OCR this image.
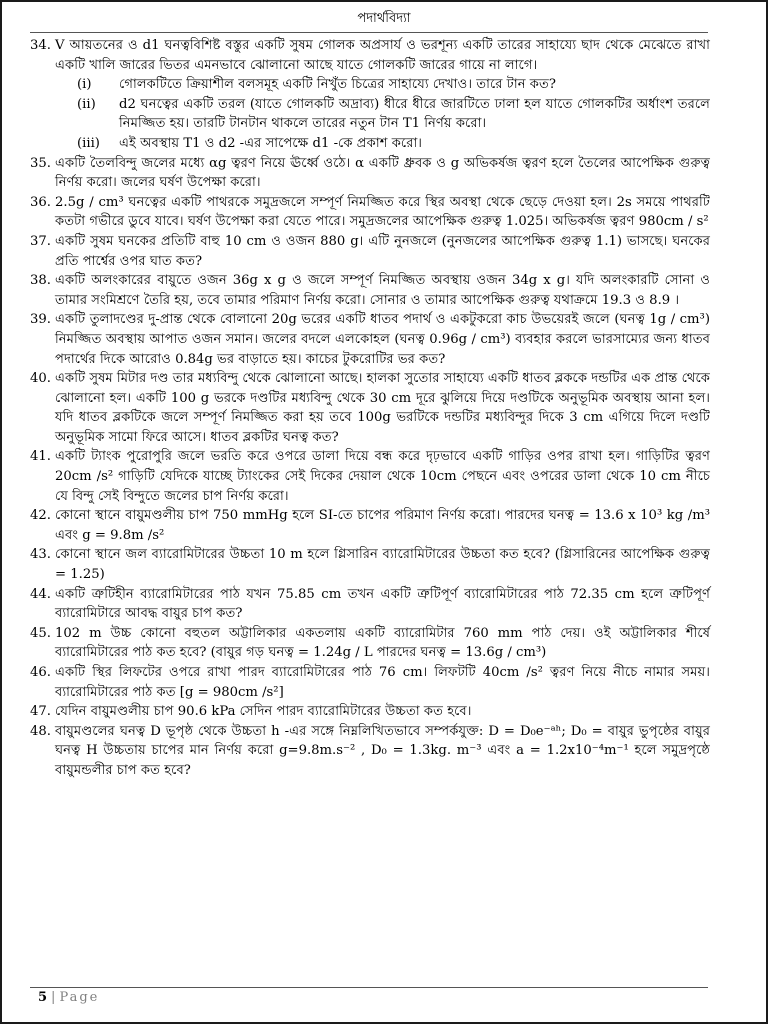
পদার্থবিদ্যা
34. V আয়তনের ও d1 ঘনত্ববিশিষ্ট বস্তুর একটি সুষম গোলক অপ্রসার্য ও ভরশূন্য একটি তারের সাহায্যে ছাদ থেকে মেঝেতে রাখা একটি খালি জারের ভিতর এমনভাবে ঝোলানো আছে যাতে গোলকটি জারের গায়ে না লাগে।
(i)	গোলকটিতে ক্রিয়াশীল বলসমূহ একটি নিখুঁত চিত্রের সাহায্যে দেখাও। তারে টান কত?
(ii)	d2 ঘনত্বের একটি তরল (যাতে গোলকটি অদ্রাব্য) ধীরে ধীরে জারটিতে ঢালা হল যাতে গোলকটির অর্ধাংশ তরলে নিমজ্জিত হয়। তারটি টানটান থাকলে তারের নতুন টান T1 নির্ণয় করো।
(iii)	এই অবস্থায় T1 ও d2 -এর সাপেক্ষে d1 -কে প্রকাশ করো।
35. একটি তৈলবিন্দু জলের মধ্যে αg ত্বরণ নিয়ে ঊর্ধ্বে ওঠে। α একটি ধ্রুবক ও g অভিকর্ষজ ত্বরণ হলে তৈলের আপেক্ষিক গুরুত্ব নির্ণয় করো। জলের ঘর্ষণ উপেক্ষা করো।
36. 2.5g / cm³ ঘনত্বের একটি পাথরকে সমুদ্রজলে সম্পূর্ণ নিমজ্জিত করে স্থির অবস্থা থেকে ছেড়ে দেওয়া হল। 2s সময়ে পাথরটি কতটা গভীরে ডুবে যাবে। ঘর্ষণ উপেক্ষা করা যেতে পারে। সমুদ্রজলের আপেক্ষিক গুরুত্ব 1.025। অভিকর্ষজ ত্বরণ 980cm / s²
37. একটি সুষম ঘনকের প্রতিটি বাহু 10 cm ও ওজন 880 g। এটি নুনজলে (নুনজলের আপেক্ষিক গুরুত্ব 1.1) ভাসছে। ঘনকের প্রতি পার্শ্বের ওপর ঘাত কত?
38. একটি অলংকারের বায়ুতে ওজন 36g x g ও জলে সম্পূর্ণ নিমজ্জিত অবস্থায় ওজন 34g x g। যদি অলংকারটি সোনা ও তামার সংমিশ্রণে তৈরি হয়, তবে তামার পরিমাণ নির্ণয় করো। সোনার ও তামার আপেক্ষিক গুরুত্ব যথাক্রমে 19.3 ও 8.9 ।
39. একটি তুলাদণ্ডের দু-প্রান্ত থেকে বোলানো 20g ভরের একটি ধাতব পদার্থ ও একটুকরো কাচ উভয়েরই জলে (ঘনত্ব 1g / cm³) নিমজ্জিত অবস্থায় আপাত ওজন সমান। জলের বদলে এলকোহল (ঘনত্ব 0.96g / cm³) ব্যবহার করলে ভারসাম্যের জন্য ধাতব পদার্থের দিকে আরোও 0.84g ভর বাড়াতে হয়। কাচের টুকরোটির ভর কত?
40. একটি সুষম মিটার দণ্ড তার মধ্যবিন্দু থেকে ঝোলানো আছে। হালকা সুতোর সাহায্যে একটি ধাতব ব্লককে দন্ডটির এক প্রান্ত থেকে ঝোলানো হল। একটি 100 g ভরকে দণ্ডটির মধ্যবিন্দু থেকে 30 cm দূরে ঝুলিয়ে দিয়ে দণ্ডটিকে অনুভূমিক অবস্থায় আনা হল। যদি ধাতব ব্লকটিকে জলে সম্পূর্ণ নিমজ্জিত করা হয় তবে 100g ভরটিকে দন্ডটির মধ্যবিন্দুর দিকে 3 cm এগিয়ে দিলে দণ্ডটি অনুভূমিক সামো ফিরে আসে। ধাতব ব্লকটির ঘনত্ব কত?
41. একটি ট্যাংক পুরোপুরি জলে ভরতি করে ওপরে ডালা দিয়ে বন্ধ করে দৃঢ়ভাবে একটি গাড়ির ওপর রাখা হল। গাড়িটির ত্বরণ 20cm /s² গাড়িটি যেদিকে যাচ্ছে ট্যাংকের সেই দিকের দেয়াল থেকে 10cm পেছনে এবং ওপরের ডালা থেকে 10 cm নীচে যে বিন্দু সেই বিন্দুতে জলের চাপ নির্ণয় করো।
42. কোনো স্থানে বায়ুমণ্ডলীয় চাপ 750 mmHg হলে SI-তে চাপের পরিমাণ নির্ণয় করো। পারদের ঘনত্ব = 13.6 x 10³ kg /m³ এবং g = 9.8m /s²
43. কোনো স্থানে জল ব্যারোমিটারের উচ্চতা 10 m হলে গ্লিসারিন ব্যারোমিটারের উচ্চতা কত হবে? (গ্লিসারিনের আপেক্ষিক গুরুত্ব = 1.25)
44. একটি ত্রুটিহীন ব্যারোমিটারের পাঠ যখন 75.85 cm তখন একটি ত্রুটিপূর্ণ ব্যারোমিটারের পাঠ 72.35 cm হলে ত্রুটিপূর্ণ ব্যারোমিটারে আবদ্ধ বায়ুর চাপ কত?
45. 102 m উচ্চ কোনো বহুতল অট্টালিকার একতলায় একটি ব্যারোমিটার 760 mm পাঠ দেয়। ওই অট্টালিকার শীর্ষে ব্যারোমিটারের পাঠ কত হবে? (বায়ুর গড় ঘনত্ব = 1.24g / L পারদের ঘনত্ব = 13.6g / cm³)
46. একটি স্থির লিফটের ওপরে রাখা পারদ ব্যারোমিটারের পাঠ 76 cm। লিফটটি 40cm /s² ত্বরণ নিয়ে নীচে নামার সময়। ব্যারোমিটারের পাঠ কত [g = 980cm /s²]
47. যেদিন বায়ুমণ্ডলীয় চাপ 90.6 kPa সেদিন পারদ ব্যারোমিটারের উচ্চতা কত হবে।
48. বায়ুমণ্ডলের ঘনত্ব D ভূপৃষ্ঠ থেকে উচ্চতা h -এর সঙ্গে নিম্নলিখিতভাবে সম্পর্কযুক্ত: D = D₀e⁻ᵃʰ; D₀ = বায়ুর ভুপৃষ্ঠের বায়ুর ঘনত্ব H উচ্চতায় চাপের মান নির্ণয় করো g=9.8m.s⁻² , D₀ = 1.3kg. m⁻³ এবং a = 1.2x10⁻⁴m⁻¹ হলে সমুদ্রপৃষ্ঠে বায়ুমন্ডলীর চাপ কত হবে?
5 | Page
